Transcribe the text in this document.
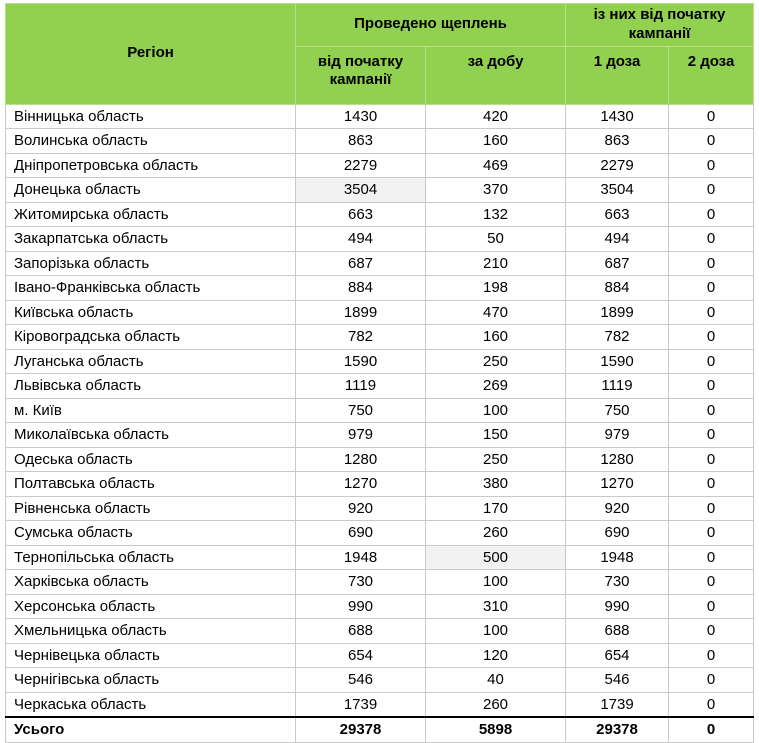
Регіон	Проведено щеплень		із них від початку кампанії	
	від початку кампанії	за добу	1 доза	2 доза
Вінницька область	1430	420	1430	0
Волинська область	863	160	863	0
Дніпропетровська область	2279	469	2279	0
Донецька область	3504	370	3504	0
Житомирська область	663	132	663	0
Закарпатська область	494	50	494	0
Запорізька область	687	210	687	0
Івано-Франківська область	884	198	884	0
Київська область	1899	470	1899	0
Кіровоградська область	782	160	782	0
Луганська область	1590	250	1590	0
Львівська область	1119	269	1119	0
м. Київ	750	100	750	0
Миколаївська область	979	150	979	0
Одеська область	1280	250	1280	0
Полтавська область	1270	380	1270	0
Рівненська область	920	170	920	0
Сумська область	690	260	690	0
Тернопільська область	1948	500	1948	0
Харківська область	730	100	730	0
Херсонська область	990	310	990	0
Хмельницька область	688	100	688	0
Чернівецька область	654	120	654	0
Чернігівська область	546	40	546	0
Черкаська область	1739	260	1739	0
Усього	29378	5898	29378	0
